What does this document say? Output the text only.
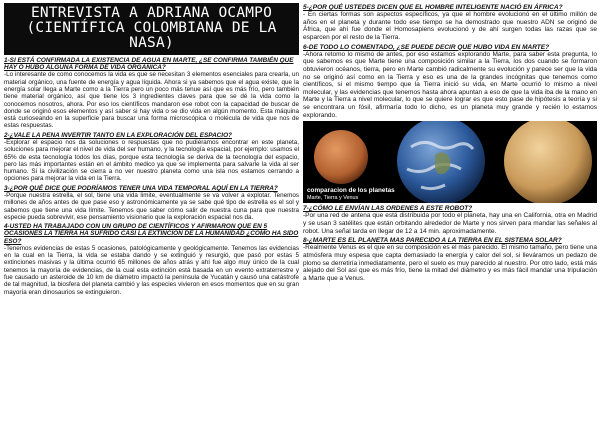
ENTREVISTA A ADRIANA OCAMPO
(CIENTÍFICA COLOMBIANA DE LA NASA)
1-SI ESTÁ CONFIRMADA LA EXISTENCIA DE AGUA EN MARTE, ¿SE CONFIRMA TAMBIÉN QUE HAY O HUBO ALGUNA FORMA DE VIDA ORGANICA?
-Lo interesante de como conocemos la vida es que se necesitan 3 elementos esenciales para crearla, un material orgánico, una fuente de energía y agua líquida. Ahora si ya sabemos que el agua existe, que la energía solar llega a Marte como a la Tierra pero un poco más tenue así que es más frío, pero también tiene material orgánico, así que tiene los 3 ingredientes claves para que se dé la vida como la conocemos nosotros, ahora. Por eso los científicos mandaron ese robot con la capacidad de buscar de donde se originó esos elementos y así saber si hay vida o se dio vida en algún momento. Esta máquina está curioseando en la superficie para buscar una forma microscópica o molécula de vida que nos de estas respuestas.
2-¿VALE LA PENA INVERTIR TANTO EN LA EXPLORACIÓN DEL ESPACIO?
-Explorar el espacio nos da soluciones o respuestas que no pudiéramos encontrar en este planeta, soluciones para mejorar el nivel de vida del ser humano, y la tecnología espacial, por ejemplo: usamos el 65% de esta tecnología todos los días, porque esta tecnología se deriva de la tecnología del espacio, pero las más importantes están en el ámbito medico ya que se implementa para salvarle la vida al ser humano. Si la civilización se cierra a no ver nuestro planeta como una isla nos estamos cerrando a opciones para mejorar la vida en la Tierra.
3-¿POR QUÉ DICE QUE PODRÍAMOS TENER UNA VIDA TEMPORAL AQUÍ EN LA TIERRA?
-Porque nuestra estrella, el sol, tiene una vida limite, eventualmente se va volver a explotar. Tenemos millones de años antes de que pase eso y astronómicamente ya se sabe qué tipo de estrella es el sol y sabemos que tiene una vida límite. Tenemos que saber cómo salir de nuestra cuna para que nuestra especie pueda sobrevivir, ese pensamiento visionario que la exploración espacial nos da.
4-USTED HA TRABAJADO CON UN GRUPO DE CIENTÍFICOS Y AFIRMARON QUE EN 5 OCASIONES LA TIERRA HA SUFRIDO CASI LA EXTINCIÓN DE LA HUMANIDAD ¿COMO HA SIDO ESO?
-Tenemos evidencias de estas 5 ocasiones, patológicamente y geológicamente. Tenemos las evidencias en la cual en la Tierra, la vida se estaba dando y se extinguió y resurgió, que pasó por estas 5 extinciones masivas y la última ocurrió 65 millones de años atrás y ahí fue algo muy único de la cual tenemos la mayoría de evidencias, de la cual esta extinción está basada en un evento extraterrestre y fue causado un asteroide de 10 km de diámetro impactó la península de Yucatán y causó una catástrofe de tal magnitud, la biosfera del planeta cambió y las especies vivieron en esos momentos que en su gran mayoría eran dinosaurios se extinguieron.
5-¿POR QUÉ USTEDES DICEN QUE EL HOMBRE INTELIGENTE NACIÓ EN ÁFRICA?
- En ciertas formas son aspectos específicos, ya que el hombre evolucionó en el último millón de años en el planeta y durante todo ese tiempo se ha demostrado que nuestro ADN se originó de África, que ahí fue donde el Homosapiens evolucionó y de ahí surgen todas las razas que se esparcen por el resto de la Tierra.
6-DE TODO LO COMENTADO, ¿SE PUEDE DECIR QUE HUBO VIDA EN MARTE?
-Ahora retomo lo mismo de antes, por eso estamos explorando Marte, para saber esta pregunta, lo que sabemos es que Marte tiene una composición similar a la Tierra, los dos cuando se formaron obtuvieron océanos, tierra, pero en Marte cambió radicalmente su evolución y parece ser que la vida no se originó así como en la Tierra y eso es una de la grandes incógnitas que tenemos como científicos, si el mismo tiempo que la Tierra inició su vida, en Marte ocurrió lo mismo a nivel molecular, y las evidencias que tenemos hasta ahora apuntan a eso de que la vida iba de la mano en Marte y la Tierra a nivel molecular, lo que se quiere lograr es que esto pase de hipótesis a teoría y si se encontrara un fósil, afirmaría todo lo dicho, es un planeta muy grande y recién lo estamos explorando.
comparacion de los planetas
Marte, Tierra y Venus
7-¿CÓMO LE ENVÍAN LAS ORDENES A ESTE ROBOT?
-Por una red de antena que está distribuida por todo el planeta, hay una en California, otra en Madrid y se usan 3 satélites que están orbitando alrededor de Marte y nos sirven para mandar las señales al robot. Una señal tarda en llegar de 12 a 14 min. aproximadamente.
8-¿MARTE ES EL PLANETA MAS PARECIDO A LA TIERRA EN EL SISTEMA SOLAR?
-Realmente Venus es el que en su composición es el más parecido. El mismo tamaño, pero tiene una atmósfera muy espesa que capta demasiado la energía y calor del sol, si lleváramos un pedazo de plomo se derretiría inmediatamente, pero el suelo es muy parecido al nuestro. Por otro lado, está más alejado del Sol así que es más frío, tiene la mitad del diámetro y es más fácil mandar una tripulación a Marte que a Venus.
